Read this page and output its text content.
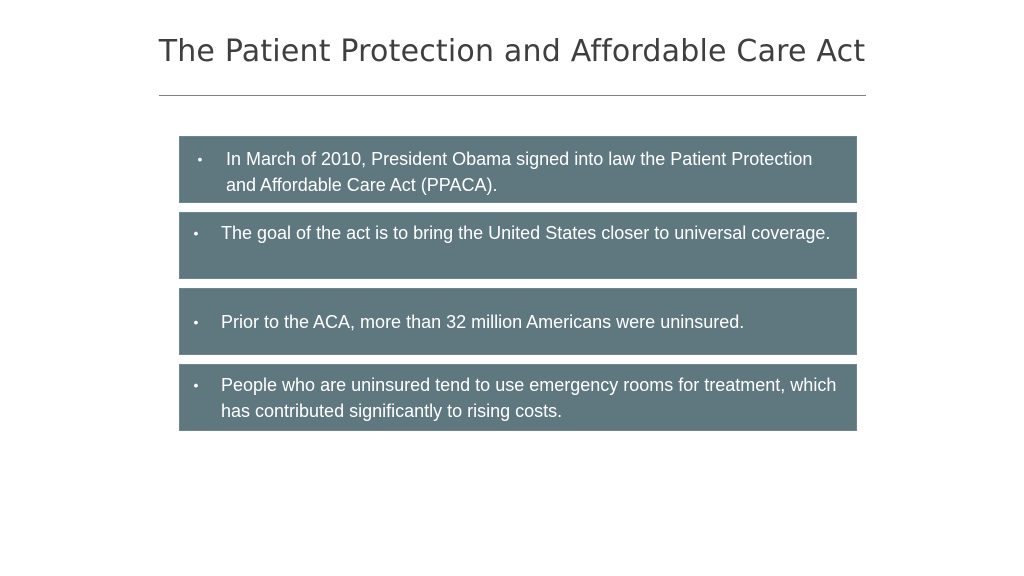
The Patient Protection and Affordable Care Act
• In March of 2010, President Obama signed into law the Patient Protection and Affordable Care Act (PPACA).
• The goal of the act is to bring the United States closer to universal coverage.
• Prior to the ACA, more than 32 million Americans were uninsured.
• People who are uninsured tend to use emergency rooms for treatment, which has contributed significantly to rising costs.
